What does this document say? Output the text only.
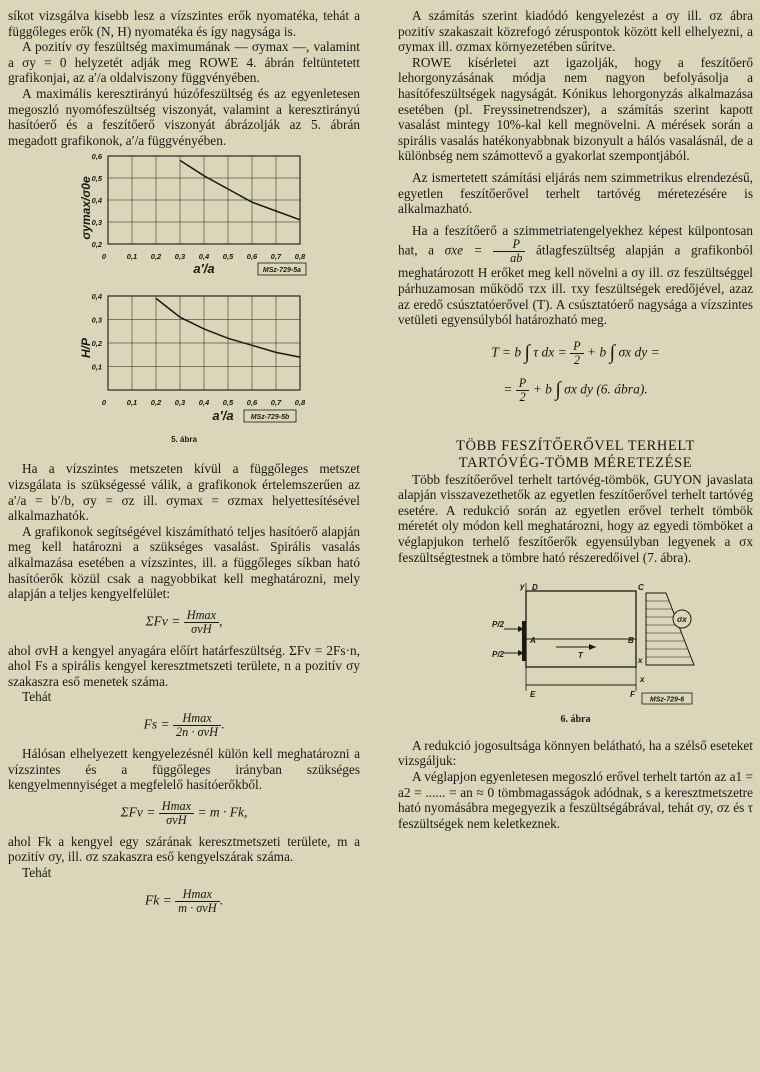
síkot vizsgálva kisebb lesz a vízszintes erők nyomatéka, tehát a függőleges erők (N, H) nyomatéka és így nagysága is.

A pozitív σy feszültség maximumának — σymax —, valamint a σy = 0 helyzetét adják meg ROWE 4. ábrán feltüntetett grafikonjai, az a′/a oldalviszony függvényében.

A maximális keresztirányú húzófeszültség és az egyenletesen megoszló nyomófeszültség viszonyát, valamint a keresztirányú hasítóerő és a feszítőerő viszonyát ábrázolják az 5. ábrán megadott grafikonok, a′/a függvényében.

0,6
0,5
0,4
0,3
0,2
0	0,1 0,2 0,3 0,4 0,5 0,6 0,7 0,8
σymax/σ0e
a′/a	MSz-729-5a
0,4
0,3
0,2
0,1
0	0,1 0,2 0,3 0,4 0,5 0,6 0,7 0,8
H/P
a′/a MSz-729-5b
5. ábra

Ha a vízszintes metszeten kívül a függőleges metszet vizsgálata is szükségessé válik, a grafikonok értelemszerűen az a′/a = b′/b, σy = σz ill. σymax = σzmax helyettesítésével alkalmazhatók.

A grafikonok segítségével kiszámítható teljes hasítóerő alapján meg kell határozni a szükséges vasalást. Spirális vasalás alkalmazása esetében a vízszintes, ill. a függőleges síkban ható hasítóerők közül csak a nagyobbikat kell meghatározni, mely alapján a teljes kengyelfelület:

$\Sigma Fv = \frac{Hmax}{\text{σvH}}$ ,

ahol σvH a kengyel anyagára előírt határfeszültség. ΣFv = 2Fs·n, ahol Fs a spirális kengyel keresztmetszeti területe, n a pozitív σy szakaszra eső menetek száma.

Tehát

$Fs = \frac{Hmax}{\text{2n · σvH}}$ .

Hálósan elhelyezett kengyelezésnél külön kell meghatározni a vízszintes és a függőleges irányban szükséges kengyelmennyiséget a megfelelő hasítóerőkből.

$\Sigma Fv = \frac{Hmax}{\text{σvH}} = m \cdot Fk$,

ahol Fk a kengyel egy szárának keresztmetszeti területe, m a pozitív σy, ill. σz szakaszra eső kengyelszárak száma.

Tehát

$Fk = \frac{Hmax}{\text{m · σvH}}$ .

A számítás szerint kiadódó kengyelezést a σy ill. σz ábra pozitív szakaszait közrefogó zéruspontok között kell elhelyezni, a σymax ill. σzmax környezetében sűrítve.

ROWE kísérletei azt igazolják, hogy a feszítőerő lehorgonyzásának módja nem nagyon befolyásolja a hasítófeszültségek nagyságát. Kónikus lehorgonyzás alkalmazása esetében (pl. Freyssinetrendszer), a számítás szerint kapott vasalást mintegy 10%-kal kell megnövelni. A mérések során a spirális vasalás hatékonyabbnak bizonyult a hálós vasalásnál, de a különbség nem számottevő a gyakorlat szempontjából.

Az ismertetett számítási eljárás nem szimmetrikus elrendezésű, egyetlen feszítőerővel terhelt tartóvég méretezésére is alkalmazható.

Ha a feszítőerő a szimmetriatengelyekhez képest külpontosan hat, a $\sigma xe = \frac{P}{ab}$ átlagfeszültség alapján a grafikonból meghatározott H erőket meg kell növelni a σy ill. σz feszültséggel párhuzamosan működő τzx ill. τxy feszültségek eredőjével, azaz az eredő csúsztatóerővel (T). A csúsztatóerő nagysága a vízszintes vetületi egyensúlyból határozható meg.

T = b ∫ τ dx = $\frac{P}{2} + b$ ∫ σx dy =
= $\frac{P}{2} + b$ ∫ σx dy (6. ábra).
TÖBB FESZÍTŐERŐVEL TERHELT
TARTÓVÉG-TÖMB MÉRETEZÉSE

Több feszítőerővel terhelt tartóvég-tömbök, GUYON javaslata alapján visszavezethetők az egyetlen feszítőerővel terhelt tartóvég esetére. A redukció során az egyetlen erővel terhelt tömbök méretét oly módon kell meghatározni, hogy az egyedi tömböket a véglapjukon terhelő feszítőerők egyensúlyban legyenek a σx feszültségtestnek a tömbre ható részeredőivel (7. ábra).

y D	C
P/2
A	B
P/2
x
E	F
x
T
σx
MSz-729-6
6. ábra

A redukció jogosultsága könnyen belátható, ha a szélső eseteket vizsgáljuk:

A véglapjon egyenletesen megoszló erővel terhelt tartón az a1 = a2 = ...... = an ≈ 0 tömbmagasságok adódnak, s a keresztmetszetre ható nyomásábra megegyezik a feszültségábrával, tehát σy, σz és τ feszültségek nem keletkeznek.
